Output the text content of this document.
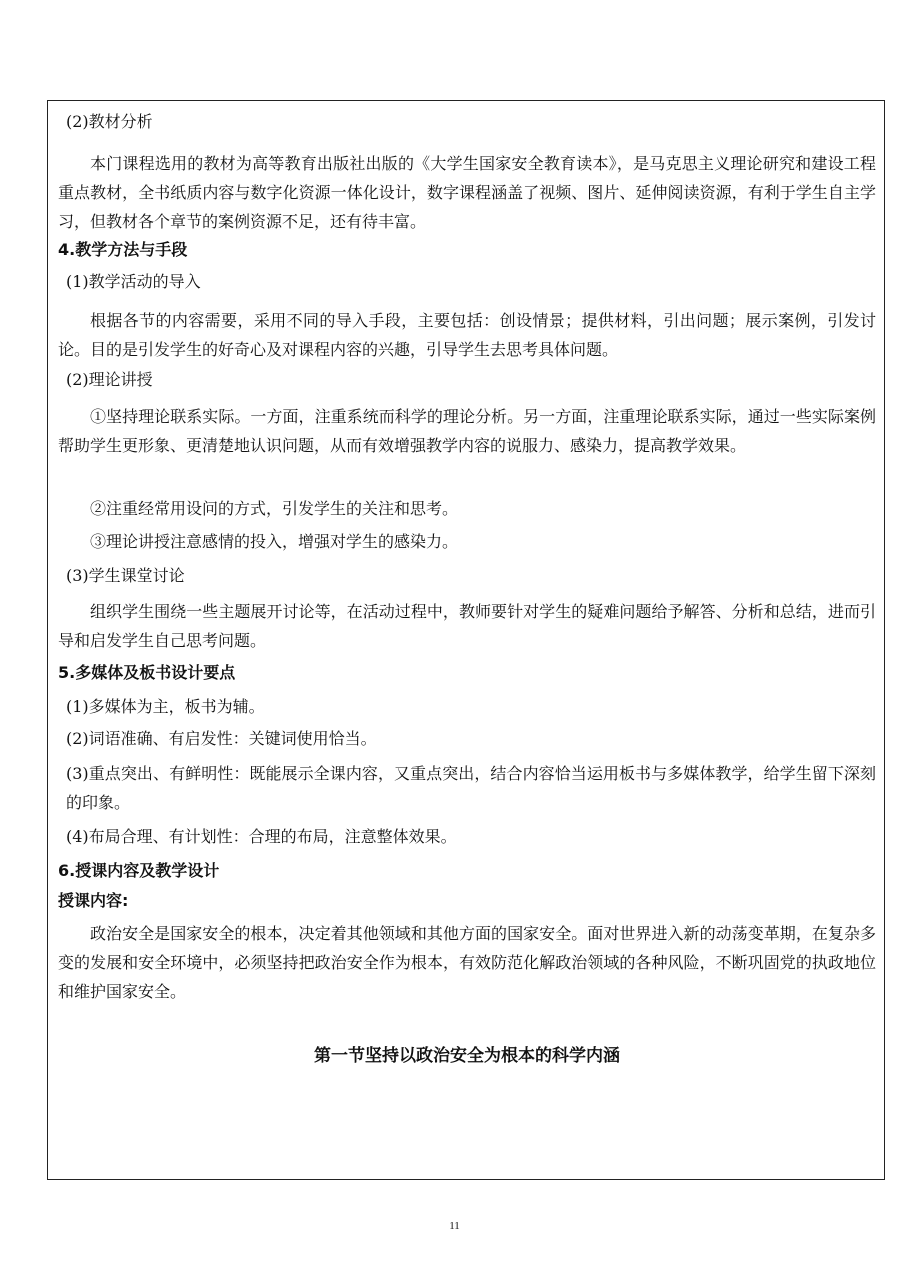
(2)教材分析
本门课程选用的教材为高等教育出版社出版的《大学生国家安全教育读本》，是马克思主义理论研究和建设工程重点教材，全书纸质内容与数字化资源一体化设计，数字课程涵盖了视频、图片、延伸阅读资源，有利于学生自主学习，但教材各个章节的案例资源不足，还有待丰富。
4.教学方法与手段
(1)教学活动的导入
根据各节的内容需要，采用不同的导入手段，主要包括：创设情景；提供材料，引出问题；展示案例，引发讨论。目的是引发学生的好奇心及对课程内容的兴趣，引导学生去思考具体问题。
(2)理论讲授
①坚持理论联系实际。一方面，注重系统而科学的理论分析。另一方面，注重理论联系实际，通过一些实际案例帮助学生更形象、更清楚地认识问题，从而有效增强教学内容的说服力、感染力，提高教学效果。
②注重经常用设问的方式，引发学生的关注和思考。
③理论讲授注意感情的投入，增强对学生的感染力。
(3)学生课堂讨论
组织学生围绕一些主题展开讨论等，在活动过程中，教师要针对学生的疑难问题给予解答、分析和总结，进而引导和启发学生自己思考问题。
5.多媒体及板书设计要点
(1)多媒体为主，板书为辅。
(2)词语准确、有启发性：关键词使用恰当。
(3)重点突出、有鲜明性：既能展示全课内容，又重点突出，结合内容恰当运用板书与多媒体教学，给学生留下深刻的印象。
(4)布局合理、有计划性：合理的布局，注意整体效果。
6.授课内容及教学设计
授课内容:
政治安全是国家安全的根本，决定着其他领域和其他方面的国家安全。面对世界进入新的动荡变革期，在复杂多变的发展和安全环境中，必须坚持把政治安全作为根本，有效防范化解政治领域的各种风险，不断巩固党的执政地位和维护国家安全。
第一节坚持以政治安全为根本的科学内涵
11
